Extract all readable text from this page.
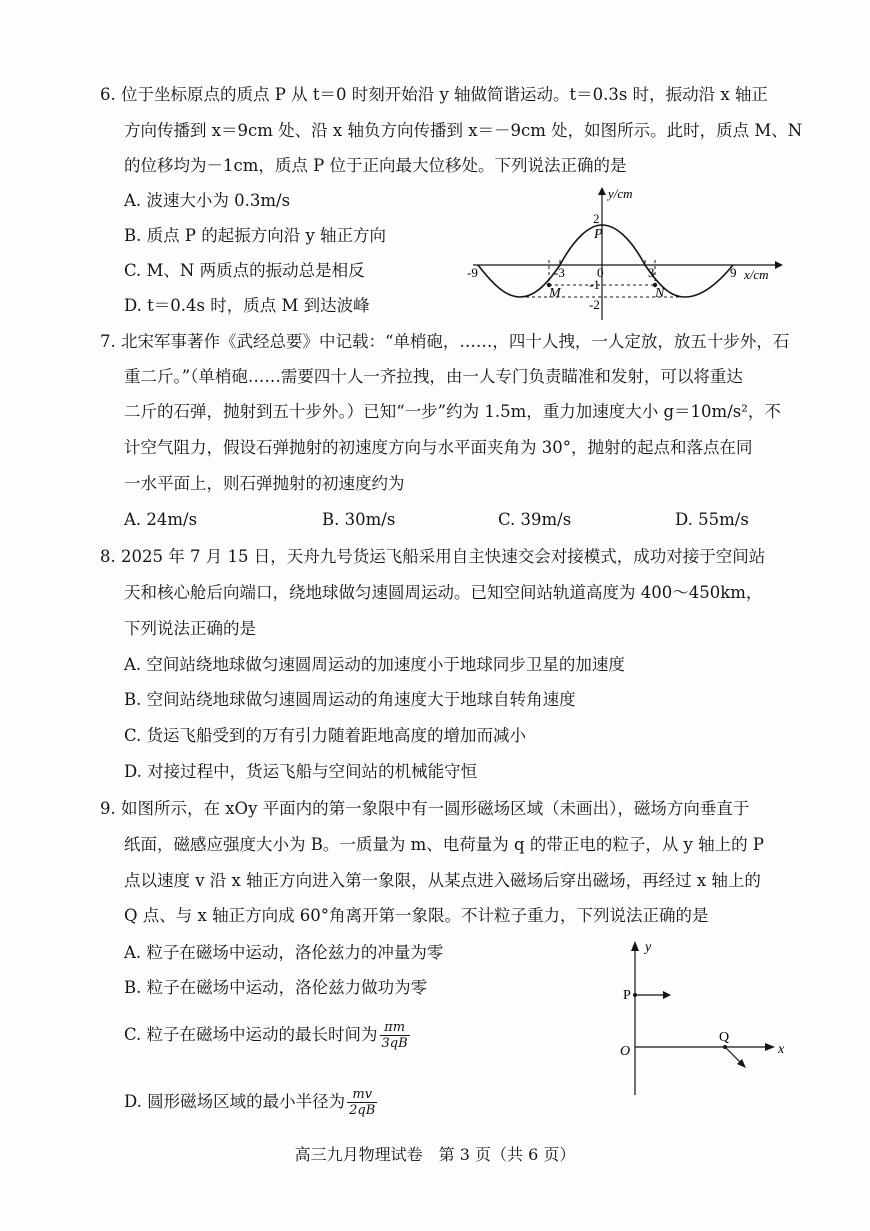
6. 位于坐标原点的质点 P 从 t＝0 时刻开始沿 y 轴做简谐运动。t＝0.3s 时，振动沿 x 轴正
方向传播到 x＝9cm 处、沿 x 轴负方向传播到 x＝－9cm 处，如图所示。此时，质点 M、N
的位移均为－1cm，质点 P 位于正向最大位移处。下列说法正确的是
A. 波速大小为 0.3m/s
B. 质点 P 的起振方向沿 y 轴正方向
C. M、N 两质点的振动总是相反
D. t＝0.4s 时，质点 M 到达波峰
y/cm
x/cm
P
M	N
-9	-3 0	3	9
2
-1
-2
7. 北宋军事著作《武经总要》中记载：“单梢砲，……，四十人拽，一人定放，放五十步外，石
重二斤。”（单梢砲……需要四十人一齐拉拽，由一人专门负责瞄准和发射，可以将重达
二斤的石弹，抛射到五十步外。）已知“一步”约为 1.5m，重力加速度大小 g＝10m/s²，不
计空气阻力，假设石弹抛射的初速度方向与水平面夹角为 30°，抛射的起点和落点在同
一水平面上，则石弹抛射的初速度约为
A. 24m/s	B. 30m/s	C. 39m/s	D. 55m/s
8. 2025 年 7 月 15 日，天舟九号货运飞船采用自主快速交会对接模式，成功对接于空间站
天和核心舱后向端口，绕地球做匀速圆周运动。已知空间站轨道高度为 400～450km，
下列说法正确的是
A. 空间站绕地球做匀速圆周运动的加速度小于地球同步卫星的加速度
B. 空间站绕地球做匀速圆周运动的角速度大于地球自转角速度
C. 货运飞船受到的万有引力随着距地高度的增加而减小
D. 对接过程中，货运飞船与空间站的机械能守恒
9. 如图所示，在 xOy 平面内的第一象限中有一圆形磁场区域（未画出），磁场方向垂直于
纸面，磁感应强度大小为 B。一质量为 m、电荷量为 q 的带正电的粒子，从 y 轴上的 P
点以速度 v 沿 x 轴正方向进入第一象限，从某点进入磁场后穿出磁场，再经过 x 轴上的
Q 点、与 x 轴正方向成 60°角离开第一象限。不计粒子重力，下列说法正确的是
A. 粒子在磁场中运动，洛伦兹力的冲量为零
B. 粒子在磁场中运动，洛伦兹力做功为零
C. 粒子在磁场中运动的最长时间为 $\frac{\pi m}{3qB}$
D. 圆形磁场区域的最小半径为 $\frac{mv}{2qB}$
y
x
O
P
Q
高三九月物理试卷　第 3 页（共 6 页）
